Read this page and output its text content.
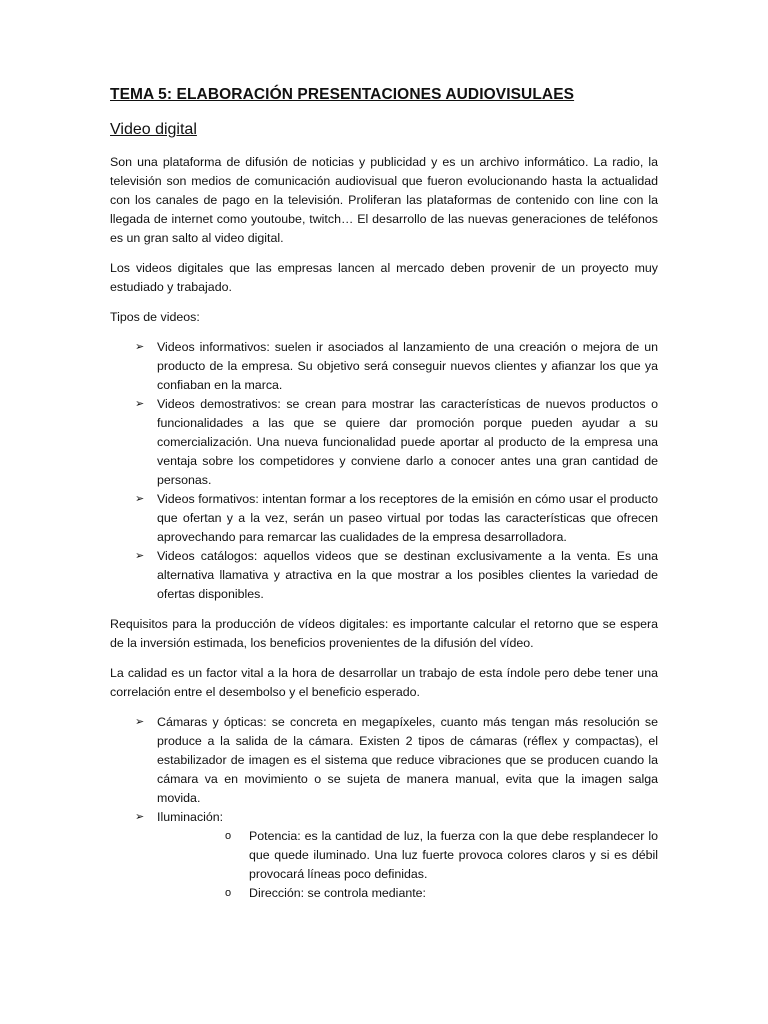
TEMA 5: ELABORACIÓN PRESENTACIONES AUDIOVISULAES
Video digital

Son una plataforma de difusión de noticias y publicidad y es un archivo informático. La radio, la televisión son medios de comunicación audiovisual que fueron evolucionando hasta la actualidad con los canales de pago en la televisión. Proliferan las plataformas de contenido con line con la llegada de internet como youtoube, twitch… El desarrollo de las nuevas generaciones de teléfonos es un gran salto al video digital.

Los videos digitales que las empresas lancen al mercado deben provenir de un proyecto muy estudiado y trabajado.

Tipos de videos:

➢ Videos informativos: suelen ir asociados al lanzamiento de una creación o mejora de un producto de la empresa. Su objetivo será conseguir nuevos clientes y afianzar los que ya confiaban en la marca.
➢ Videos demostrativos: se crean para mostrar las características de nuevos productos o funcionalidades a las que se quiere dar promoción porque pueden ayudar a su comercialización. Una nueva funcionalidad puede aportar al producto de la empresa una ventaja sobre los competidores y conviene darlo a conocer antes una gran cantidad de personas.
➢ Videos formativos: intentan formar a los receptores de la emisión en cómo usar el producto que ofertan y a la vez, serán un paseo virtual por todas las características que ofrecen aprovechando para remarcar las cualidades de la empresa desarrolladora.
➢ Videos catálogos: aquellos videos que se destinan exclusivamente a la venta. Es una alternativa llamativa y atractiva en la que mostrar a los posibles clientes la variedad de ofertas disponibles.

Requisitos para la producción de vídeos digitales: es importante calcular el retorno que se espera de la inversión estimada, los beneficios provenientes de la difusión del vídeo.

La calidad es un factor vital a la hora de desarrollar un trabajo de esta índole pero debe tener una correlación entre el desembolso y el beneficio esperado.

➢ Cámaras y ópticas: se concreta en megapíxeles, cuanto más tengan más resolución se produce a la salida de la cámara. Existen 2 tipos de cámaras (réflex y compactas), el estabilizador de imagen es el sistema que reduce vibraciones que se producen cuando la cámara va en movimiento o se sujeta de manera manual, evita que la imagen salga movida.
➢ Iluminación:
o Potencia: es la cantidad de luz, la fuerza con la que debe resplandecer lo que quede iluminado. Una luz fuerte provoca colores claros y si es débil provocará líneas poco definidas.
o Dirección: se controla mediante:
